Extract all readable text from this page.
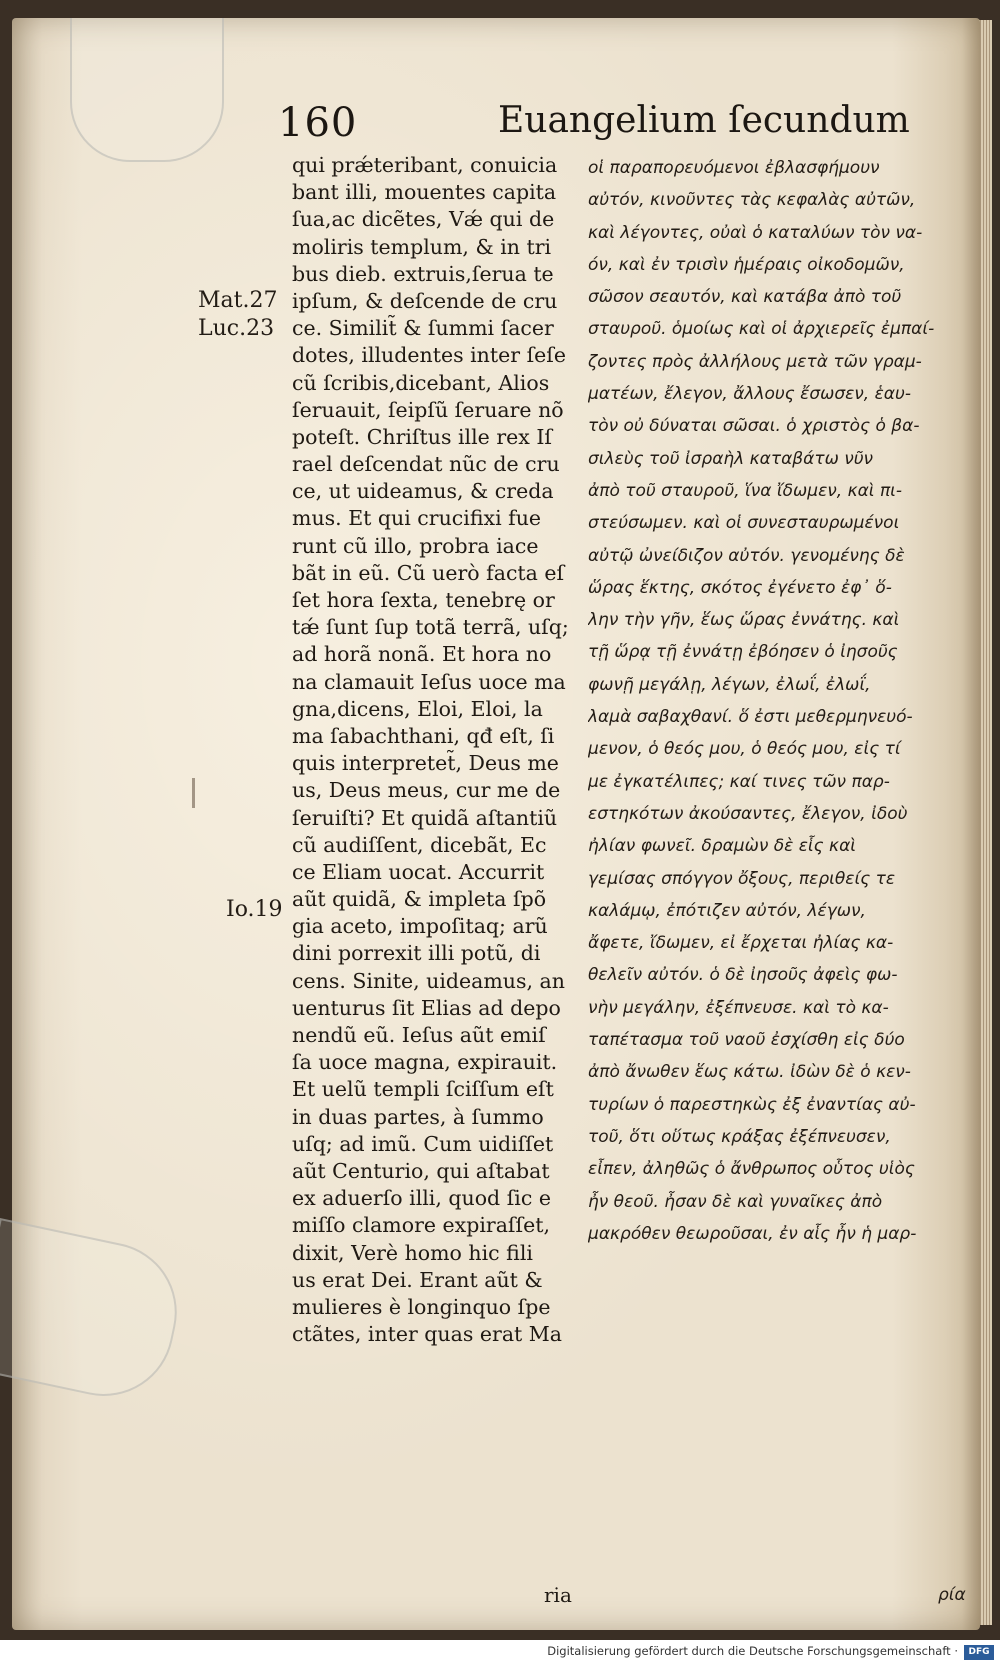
160	Euangelium ſecundum
Mat.27
Luc.23
Io.19
qui prǽteribant, conuicia
bant illi, mouentes capita
ſua,ac dicẽtes, Vǽ qui de
moliris templum, & in tri
bus dieb. extruis,ſerua te
ipſum, & deſcende de cru
ce. Similit̃ & ſummi ſacer
dotes, illudentes inter ſeſe
cũ ſcribis,dicebant, Alios
ſeruauit, ſeipſũ ſeruare nõ
poteſt. Chriſtus ille rex Iſ
rael deſcendat nũc de cru
ce, ut uideamus, & creda
mus. Et qui crucifixi fue
runt cũ illo, probra iace
bãt in eũ. Cũ uerò facta eſ
ſet hora ſexta, tenebrę or
tǽ ſunt ſup totã terrã, uſq;
ad horã nonã. Et hora no
na clamauit Ieſus uoce ma
gna,dicens, Eloi, Eloi, la
ma ſabachthani, qđ eſt, ſi
quis interpretet̃, Deus me
us, Deus meus, cur me de
ſeruiſti? Et quidã aſtantiũ
cũ audiſſent, dicebãt, Ec
ce Eliam uocat. Accurrit
aũt quidã, & impleta ſpõ
gia aceto, impoſitaq; arũ
dini porrexit illi potũ, di
cens. Sinite, uideamus, an
uenturus ſit Elias ad depo
nendũ eũ. Ieſus aũt emiſ
ſa uoce magna, expirauit.
Et uelũ templi ſciſſum eſt
in duas partes, à ſummo
uſq; ad imũ. Cum uidiſſet
aũt Centurio, qui aſtabat
ex aduerſo illi, quod ſic e
miſſo clamore expiraſſet,
dixit, Verè homo hic fili
us erat Dei. Erant aũt &
mulieres è longinquo ſpe
ctãtes, inter quas erat Ma
οἱ παραπορευόμενοι ἐβλασφήμουν
αὐτόν, κινοῦντες τὰς κεφαλὰς αὐτῶν,
καὶ λέγοντες, οὐαὶ ὁ καταλύων τὸν να-
όν, καὶ ἐν τρισὶν ἡμέραις οἰκοδομῶν,
σῶσον σεαυτόν, καὶ κατάβα ἀπὸ τοῦ
σταυροῦ. ὁμοίως καὶ οἱ ἀρχιερεῖς ἐμπαί-
ζοντες πρὸς ἀλλήλους μετὰ τῶν γραμ-
ματέων, ἔλεγον, ἄλλους ἔσωσεν, ἑαυ-
τὸν οὐ δύναται σῶσαι. ὁ χριστὸς ὁ βα-
σιλεὺς τοῦ ἰσραὴλ καταβάτω νῦν
ἀπὸ τοῦ σταυροῦ, ἵνα ἴδωμεν, καὶ πι-
στεύσωμεν. καὶ οἱ συνεσταυρωμένοι
αὐτῷ ὠνείδιζον αὐτόν. γενομένης δὲ
ὥρας ἕκτης, σκότος ἐγένετο ἐφ᾽ ὅ-
λην τὴν γῆν, ἕως ὥρας ἐννάτης. καὶ
τῇ ὥρᾳ τῇ ἐννάτῃ ἐβόησεν ὁ ἰησοῦς
φωνῇ μεγάλῃ, λέγων, ἐλωΐ, ἐλωΐ,
λαμὰ σαβαχθανί. ὅ ἐστι μεθερμηνευό-
μενον, ὁ θεός μου, ὁ θεός μου, εἰς τί
με ἐγκατέλιπες; καί τινες τῶν παρ-
εστηκότων ἀκούσαντες, ἔλεγον, ἰδοὺ
ἠλίαν φωνεῖ. δραμὼν δὲ εἷς καὶ
γεμίσας σπόγγον ὄξους, περιθείς τε
καλάμῳ, ἐπότιζεν αὐτόν, λέγων,
ἄφετε, ἴδωμεν, εἰ ἔρχεται ἠλίας κα-
θελεῖν αὐτόν. ὁ δὲ ἰησοῦς ἀφεὶς φω-
νὴν μεγάλην, ἐξέπνευσε. καὶ τὸ κα-
ταπέτασμα τοῦ ναοῦ ἐσχίσθη εἰς δύο
ἀπὸ ἄνωθεν ἕως κάτω. ἰδὼν δὲ ὁ κεν-
τυρίων ὁ παρεστηκὼς ἐξ ἐναντίας αὐ-
τοῦ, ὅτι οὕτως κράξας ἐξέπνευσεν,
εἶπεν, ἀληθῶς ὁ ἄνθρωπος οὗτος υἱὸς
ἦν θεοῦ. ἦσαν δὲ καὶ γυναῖκες ἀπὸ
μακρόθεν θεωροῦσαι, ἐν αἷς ἦν ἡ μαρ-
ria	ρία
Digitalisierung gefördert durch die Deutsche Forschungsgemeinschaft ·	DFG
